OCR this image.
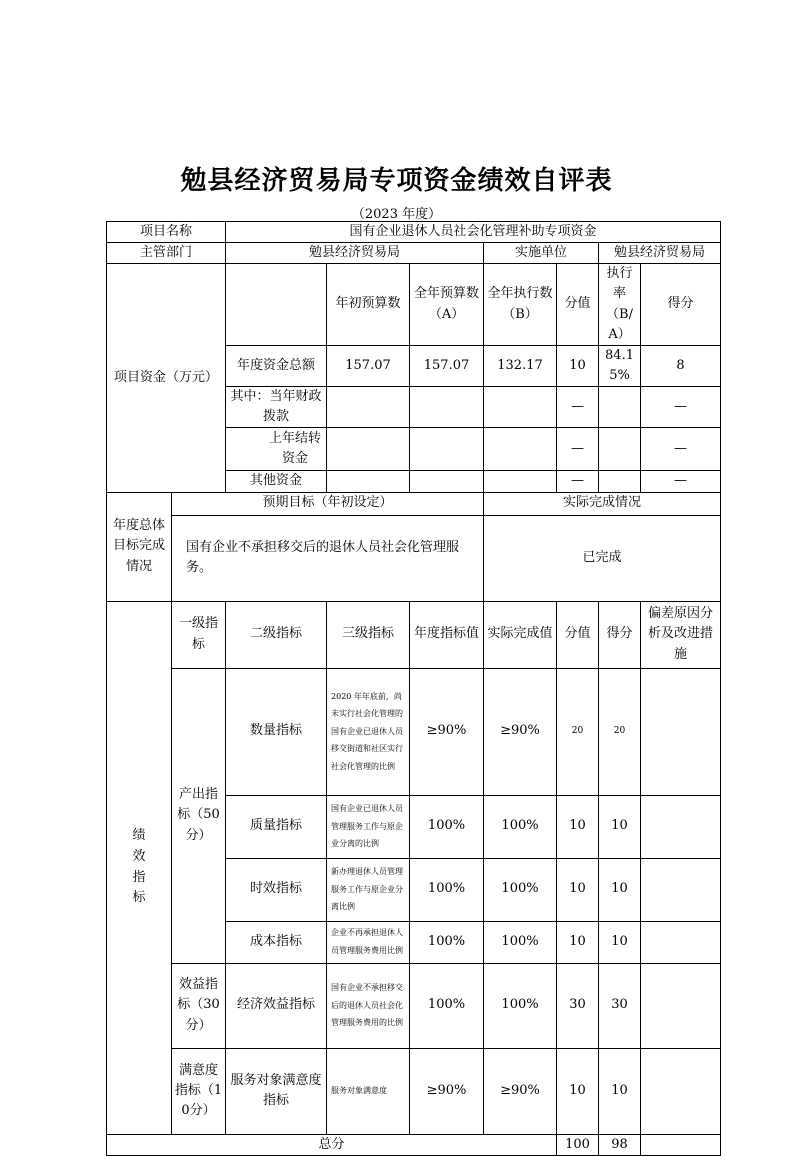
勉县经济贸易局专项资金绩效自评表
（2023 年度）
项目名称		国有企业退休人员社会化管理补助专项资金						
主管部门		勉县经济贸易局			实施单位		勉县经济贸易局	
项目资金（万元）			年初预算数	全年预算数（A）	全年执行数（B）	分值	执行率（B/A）	得分
		年度资金总额	157.07	157.07	132.17	10	84.15%	8
		其中：当年财政拨款				—		—
		上年结转资金				—		—
		其他资金				—		—
年度总体目标完成情况	预期目标（年初设定）				实际完成情况			
	国有企业不承担移交后的退休人员社会化管理服务。				已完成			
绩效指标	一级指标	二级指标	三级指标	年度指标值	实际完成值	分值	得分	偏差原因分析及改进措施
	产出指标（50分）	数量指标	2020 年年底前，尚未实行社会化管理的国有企业已退休人员移交街道和社区实行社会化管理的比例	≥90%	≥90%	20	20	
		质量指标	国有企业已退休人员管理服务工作与原企业分离的比例	100%	100%	10	10	
		时效指标	新办理退休人员管理服务工作与原企业分离比例	100%	100%	10	10	
		成本指标	企业不再承担退休人员管理服务费用比例	100%	100%	10	10	
	效益指标（30分）	经济效益指标	国有企业不承担移交后的退休人员社会化管理服务费用的比例	100%	100%	30	30	
	满意度指标（10分）	服务对象满意度指标	服务对象满意度	≥90%	≥90%	10	10	
总分						100	98	
